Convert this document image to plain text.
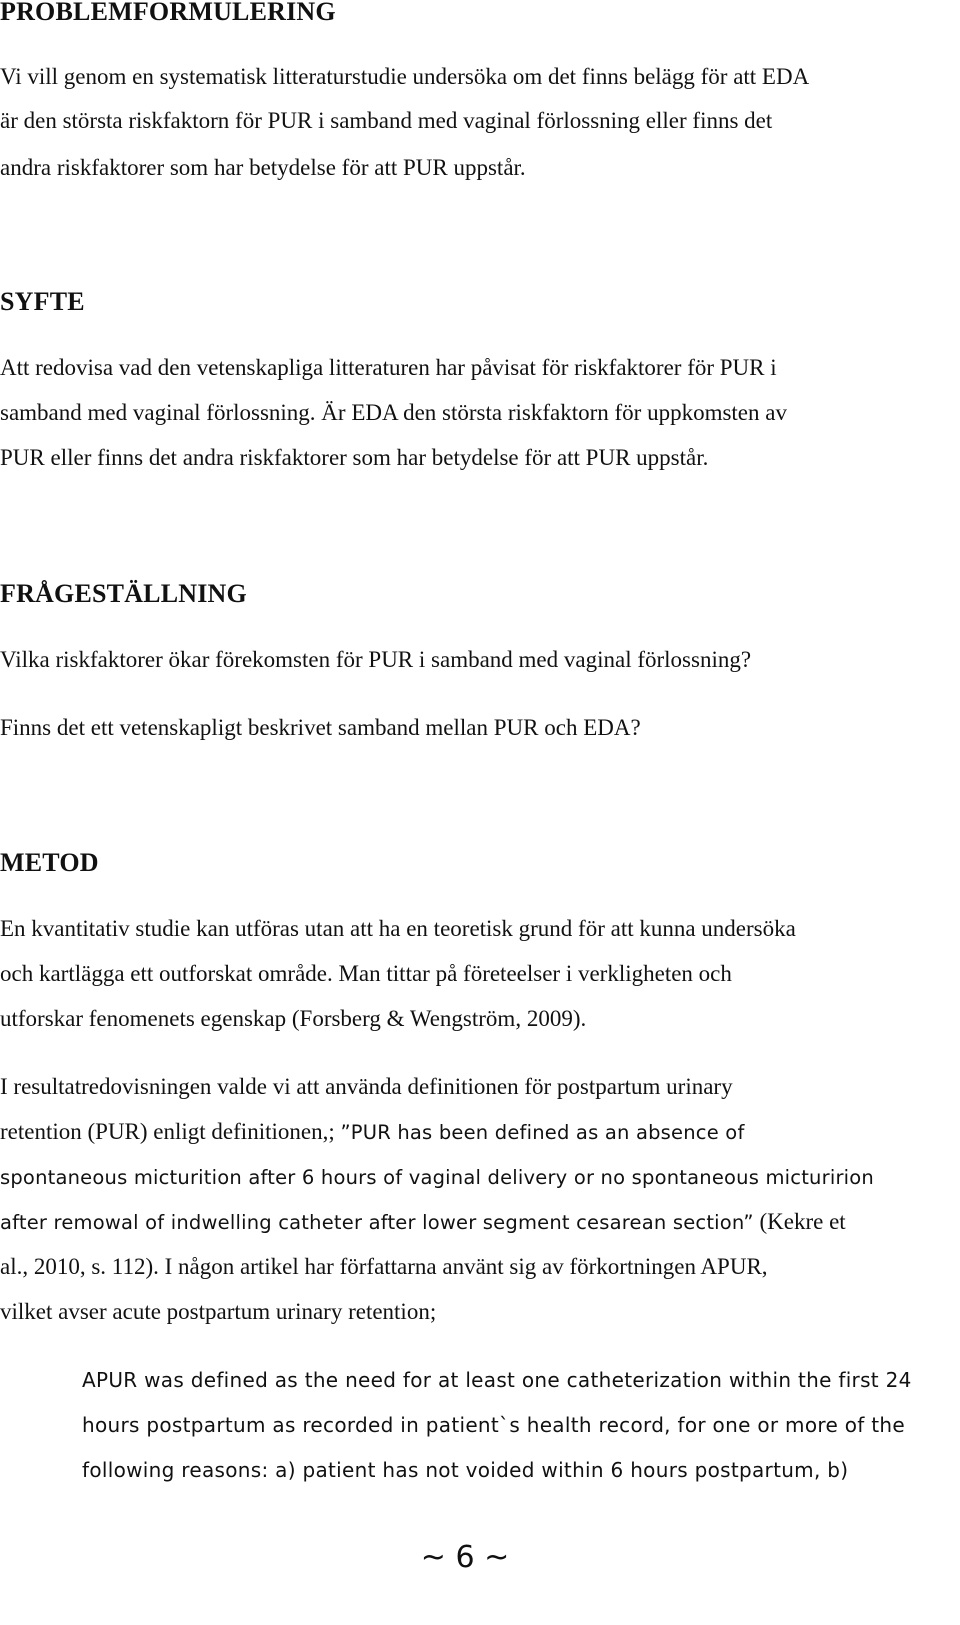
PROBLEMFORMULERING

Vi vill genom en systematisk litteraturstudie undersöka om det finns belägg för att EDA

är den största riskfaktorn för PUR i samband med vaginal förlossning eller finns det

andra riskfaktorer som har betydelse för att PUR uppstår.

SYFTE

Att redovisa vad den vetenskapliga litteraturen har påvisat för riskfaktorer för PUR i

samband med vaginal förlossning. Är EDA den största riskfaktorn för uppkomsten av

PUR eller finns det andra riskfaktorer som har betydelse för att PUR uppstår.

FRÅGESTÄLLNING

Vilka riskfaktorer ökar förekomsten för PUR i samband med vaginal förlossning?

Finns det ett vetenskapligt beskrivet samband mellan PUR och EDA?

METOD

En kvantitativ studie kan utföras utan att ha en teoretisk grund för att kunna undersöka

och kartlägga ett outforskat område. Man tittar på företeelser i verkligheten och

utforskar fenomenets egenskap (Forsberg & Wengström, 2009).

I resultatredovisningen valde vi att använda definitionen för postpartum urinary

retention (PUR) enligt definitionen,; ”PUR has been defined as an absence of

spontaneous micturition after 6 hours of vaginal delivery or no spontaneous micturirion

after remowal of indwelling catheter after lower segment cesarean section” (Kekre et

al., 2010, s. 112). I någon artikel har författarna använt sig av förkortningen APUR,

vilket avser acute postpartum urinary retention;

APUR was defined as the need for at least one catheterization within the first 24

hours postpartum as recorded in patient`s health record, for one or more of the

following reasons: a) patient has not voided within 6 hours postpartum, b)

~ 6 ~
